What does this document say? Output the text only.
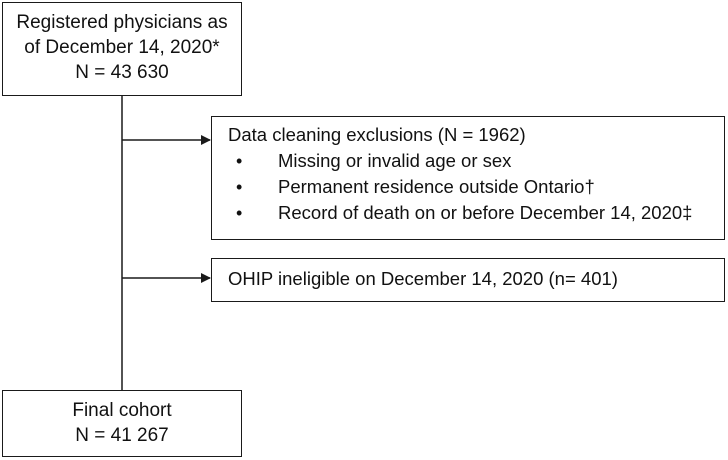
Registered physicians as
of December 14, 2020*
N = 43 630
Data cleaning exclusions (N = 1962)
• Missing or invalid age or sex
• Permanent residence outside Ontario†
• Record of death on or before December 14, 2020‡
OHIP ineligible on December 14, 2020 (n= 401)
Final cohort
N = 41 267
